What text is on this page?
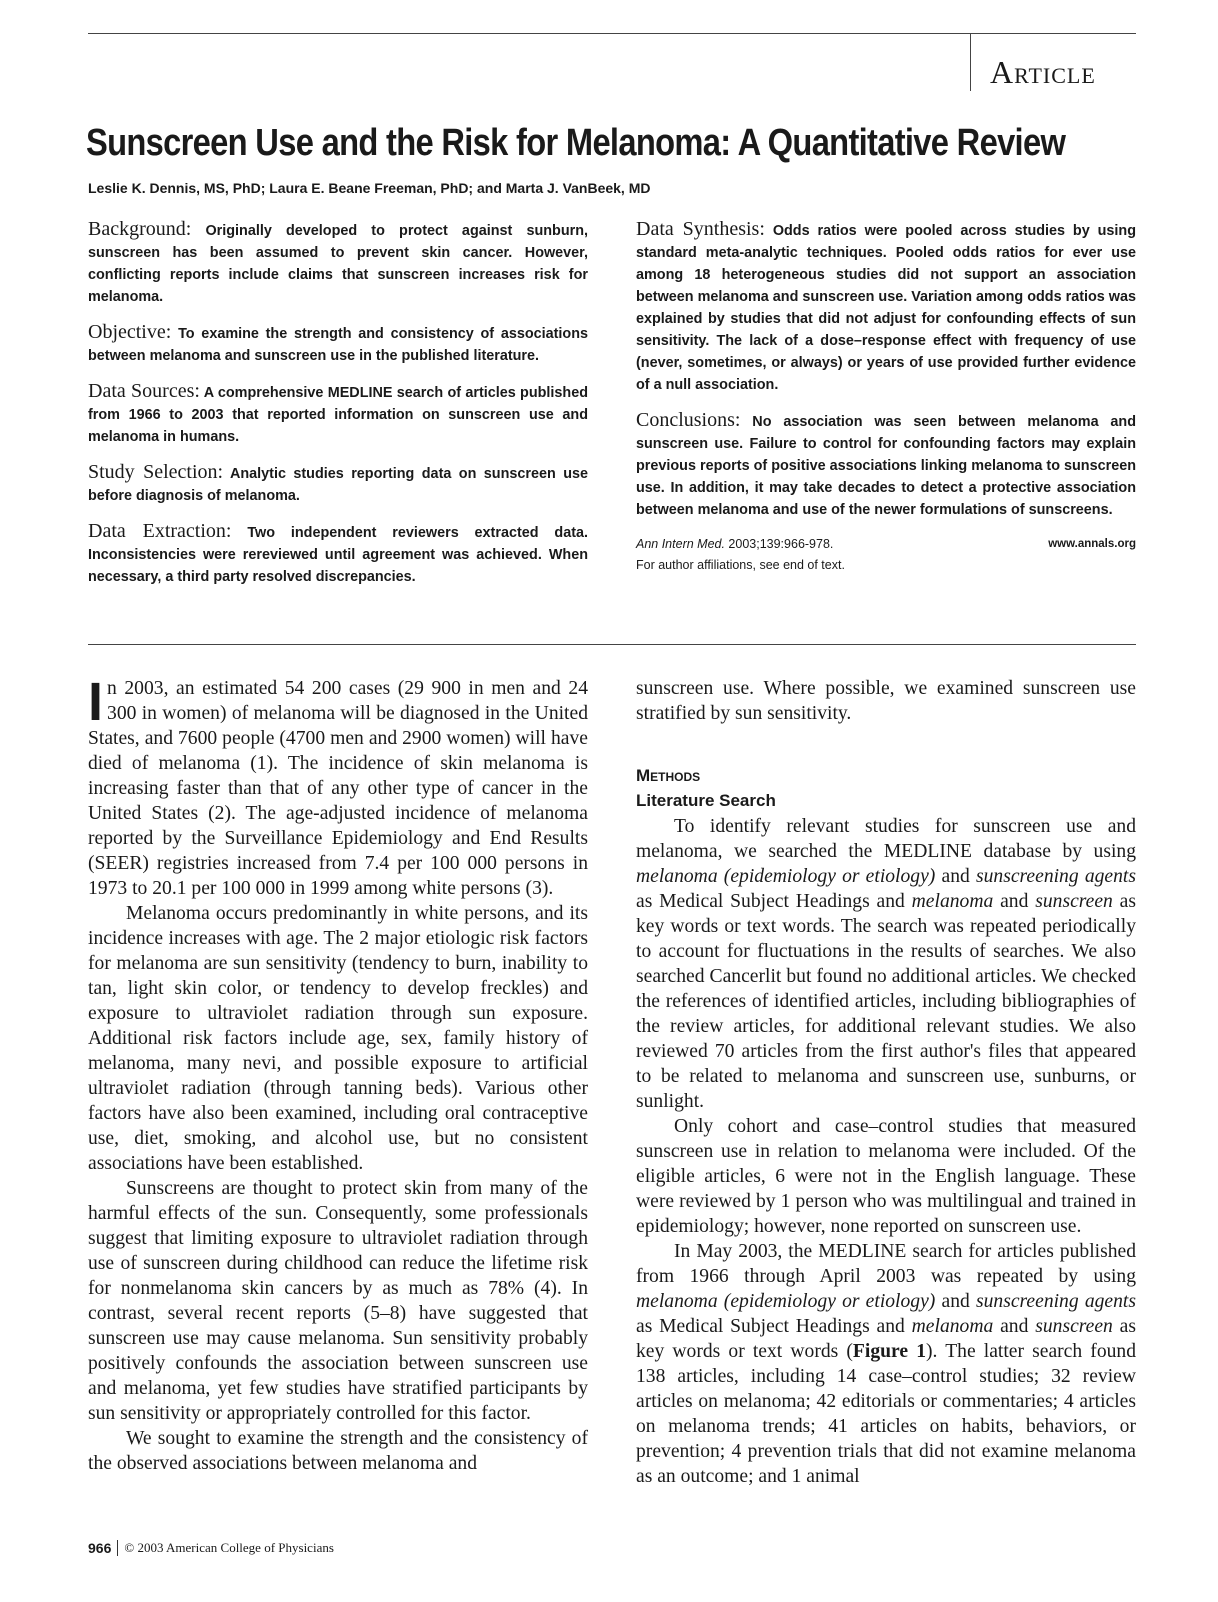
Article
Sunscreen Use and the Risk for Melanoma: A Quantitative Review
Leslie K. Dennis, MS, PhD; Laura E. Beane Freeman, PhD; and Marta J. VanBeek, MD
Background: Originally developed to protect against sunburn, sunscreen has been assumed to prevent skin cancer. However, conflicting reports include claims that sunscreen increases risk for melanoma.
Objective: To examine the strength and consistency of associations between melanoma and sunscreen use in the published literature.
Data Sources: A comprehensive MEDLINE search of articles published from 1966 to 2003 that reported information on sunscreen use and melanoma in humans.
Study Selection: Analytic studies reporting data on sunscreen use before diagnosis of melanoma.
Data Extraction: Two independent reviewers extracted data. Inconsistencies were rereviewed until agreement was achieved. When necessary, a third party resolved discrepancies.
Data Synthesis: Odds ratios were pooled across studies by using standard meta-analytic techniques. Pooled odds ratios for ever use among 18 heterogeneous studies did not support an association between melanoma and sunscreen use. Variation among odds ratios was explained by studies that did not adjust for confounding effects of sun sensitivity. The lack of a dose–response effect with frequency of use (never, sometimes, or always) or years of use provided further evidence of a null association.
Conclusions: No association was seen between melanoma and sunscreen use. Failure to control for confounding factors may explain previous reports of positive associations linking melanoma to sunscreen use. In addition, it may take decades to detect a protective association between melanoma and use of the newer formulations of sunscreens.
www.annals.org
Ann Intern Med. 2003;139:966-978.
For author affiliations, see end of text.

In 2003, an estimated 54 200 cases (29 900 in men and 24 300 in women) of melanoma will be diagnosed in the United States, and 7600 people (4700 men and 2900 women) will have died of melanoma (1). The incidence of skin melanoma is increasing faster than that of any other type of cancer in the United States (2). The age-adjusted incidence of melanoma reported by the Surveillance Epidemiology and End Results (SEER) registries increased from 7.4 per 100 000 persons in 1973 to 20.1 per 100 000 in 1999 among white persons (3).

Melanoma occurs predominantly in white persons, and its incidence increases with age. The 2 major etiologic risk factors for melanoma are sun sensitivity (tendency to burn, inability to tan, light skin color, or tendency to develop freckles) and exposure to ultraviolet radiation through sun exposure. Additional risk factors include age, sex, family history of melanoma, many nevi, and possible exposure to artificial ultraviolet radiation (through tanning beds). Various other factors have also been examined, including oral contraceptive use, diet, smoking, and alcohol use, but no consistent associations have been established.

Sunscreens are thought to protect skin from many of the harmful effects of the sun. Consequently, some professionals suggest that limiting exposure to ultraviolet radiation through use of sunscreen during childhood can reduce the lifetime risk for nonmelanoma skin cancers by as much as 78% (4). In contrast, several recent reports (5–8) have suggested that sunscreen use may cause melanoma. Sun sensitivity probably positively confounds the association between sunscreen use and melanoma, yet few studies have stratified participants by sun sensitivity or appropriately controlled for this factor.

We sought to examine the strength and the consistency of the observed associations between melanoma and

sunscreen use. Where possible, we examined sunscreen use stratified by sun sensitivity.

Methods
Literature Search

To identify relevant studies for sunscreen use and melanoma, we searched the MEDLINE database by using melanoma (epidemiology or etiology) and sunscreening agents as Medical Subject Headings and melanoma and sunscreen as key words or text words. The search was repeated periodically to account for fluctuations in the results of searches. We also searched Cancerlit but found no additional articles. We checked the references of identified articles, including bibliographies of the review articles, for additional relevant studies. We also reviewed 70 articles from the first author's files that appeared to be related to melanoma and sunscreen use, sunburns, or sunlight.

Only cohort and case–control studies that measured sunscreen use in relation to melanoma were included. Of the eligible articles, 6 were not in the English language. These were reviewed by 1 person who was multilingual and trained in epidemiology; however, none reported on sunscreen use.

In May 2003, the MEDLINE search for articles published from 1966 through April 2003 was repeated by using melanoma (epidemiology or etiology) and sunscreening agents as Medical Subject Headings and melanoma and sunscreen as key words or text words (Figure 1). The latter search found 138 articles, including 14 case–control studies; 32 review articles on melanoma; 42 editorials or commentaries; 4 articles on melanoma trends; 41 articles on habits, behaviors, or prevention; 4 prevention trials that did not examine melanoma as an outcome; and 1 animal

966	© 2003 American College of Physicians
